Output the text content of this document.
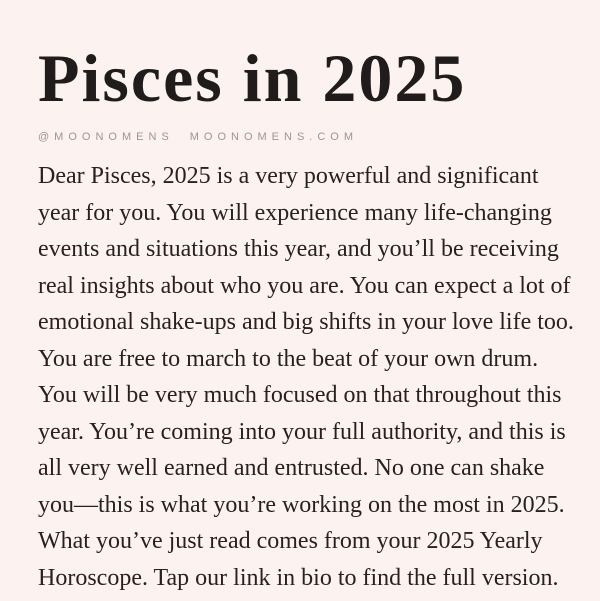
Pisces in 2025
@MOONOMENS MOONOMENS.COM

Dear Pisces, 2025 is a very powerful and significant

year for you. You will experience many life-changing

events and situations this year, and you’ll be receiving

real insights about who you are. You can expect a lot of

emotional shake-ups and big shifts in your love life too.

You are free to march to the beat of your own drum.

You will be very much focused on that throughout this

year. You’re coming into your full authority, and this is

all very well earned and entrusted. No one can shake

you—this is what you’re working on the most in 2025.

What you’ve just read comes from your 2025 Yearly

Horoscope. Tap our link in bio to find the full version.
